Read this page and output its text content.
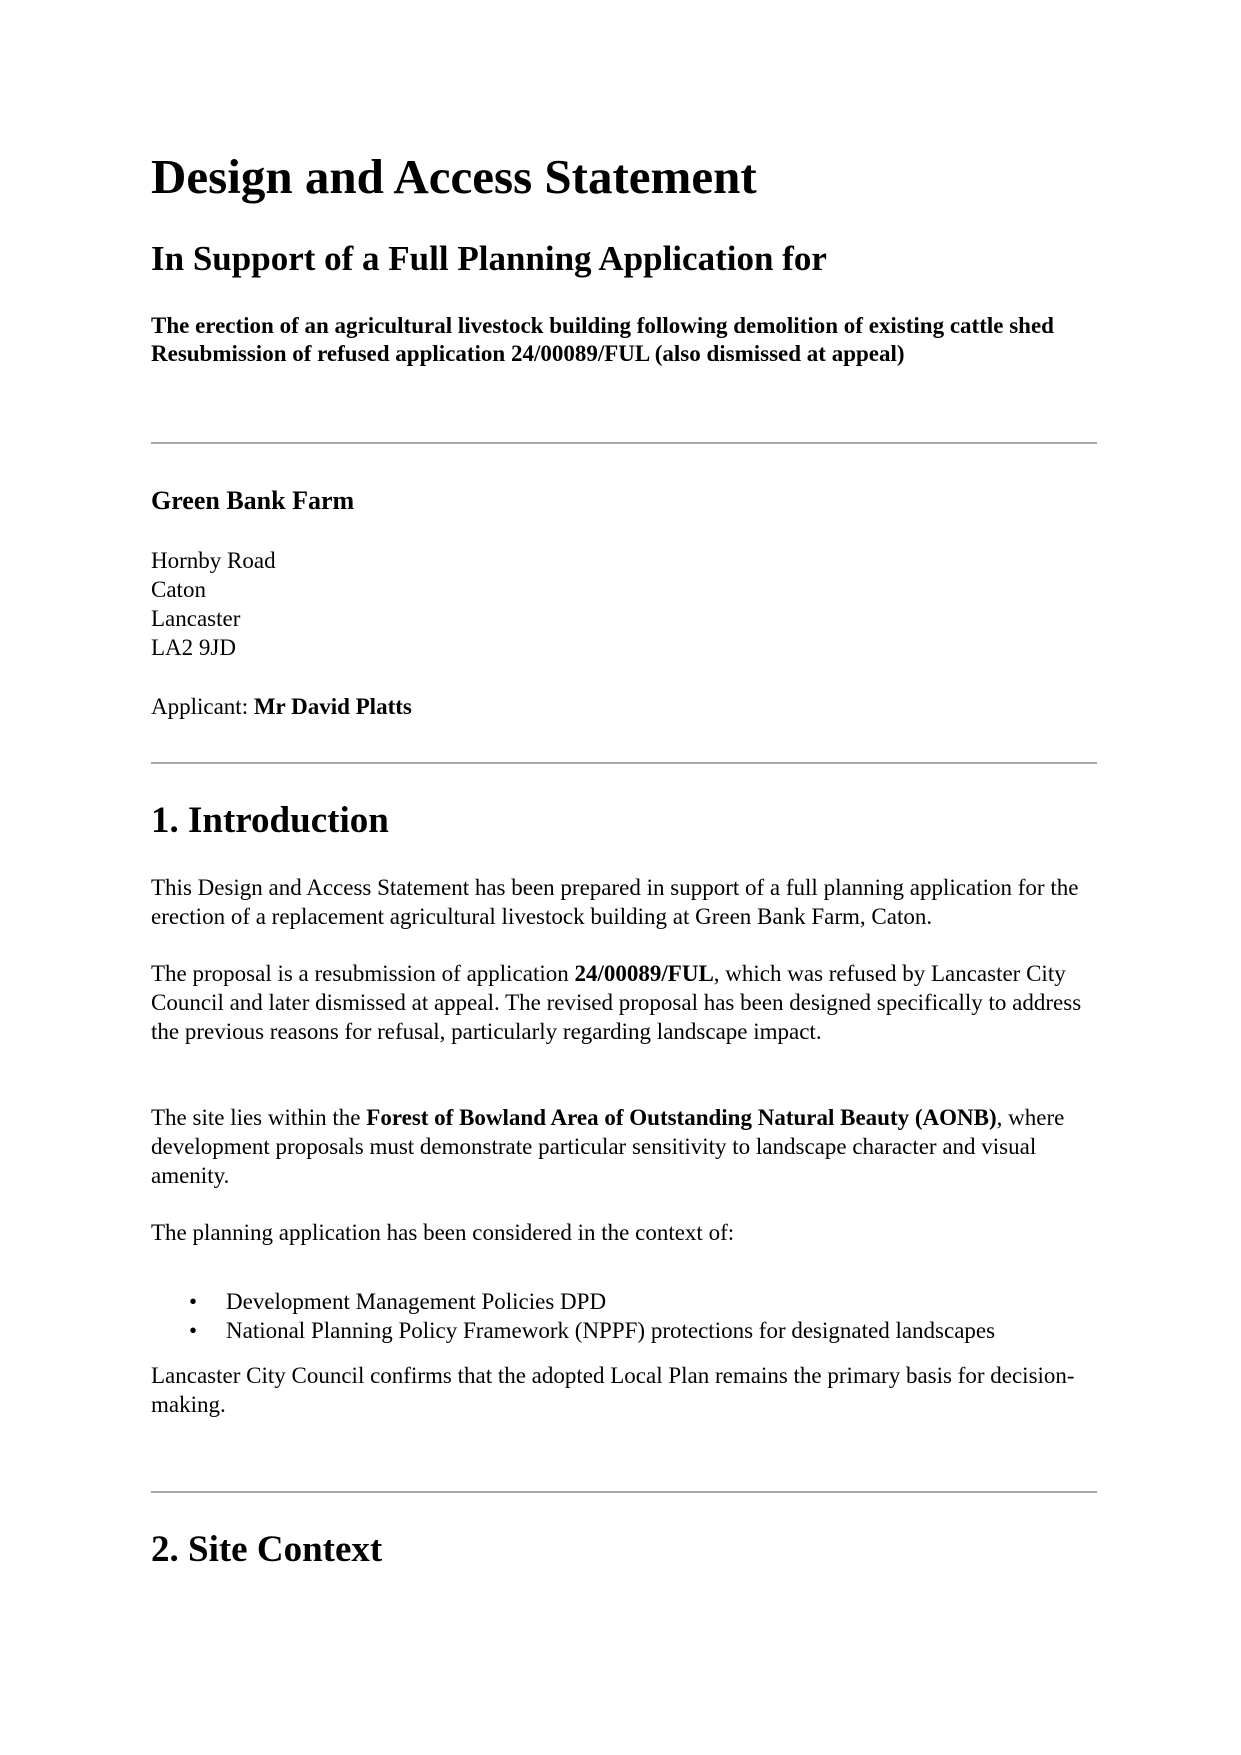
Design and Access Statement
In Support of a Full Planning Application for

The erection of an agricultural livestock building following demolition of existing cattle shed
Resubmission of refused application 24/00089/FUL (also dismissed at appeal)

Green Bank Farm
Hornby Road
Caton
Lancaster
LA2 9JD
Applicant: Mr David Platts
1. Introduction

This Design and Access Statement has been prepared in support of a full planning application for the erection of a replacement agricultural livestock building at Green Bank Farm, Caton.

The proposal is a resubmission of application 24/00089/FUL, which was refused by Lancaster City Council and later dismissed at appeal. The revised proposal has been designed specifically to address the previous reasons for refusal, particularly regarding landscape impact.

The site lies within the Forest of Bowland Area of Outstanding Natural Beauty (AONB), where development proposals must demonstrate particular sensitivity to landscape character and visual amenity.

The planning application has been considered in the context of:

• Development Management Policies DPD
• National Planning Policy Framework (NPPF) protections for designated landscapes

Lancaster City Council confirms that the adopted Local Plan remains the primary basis for decision-making.

2. Site Context
